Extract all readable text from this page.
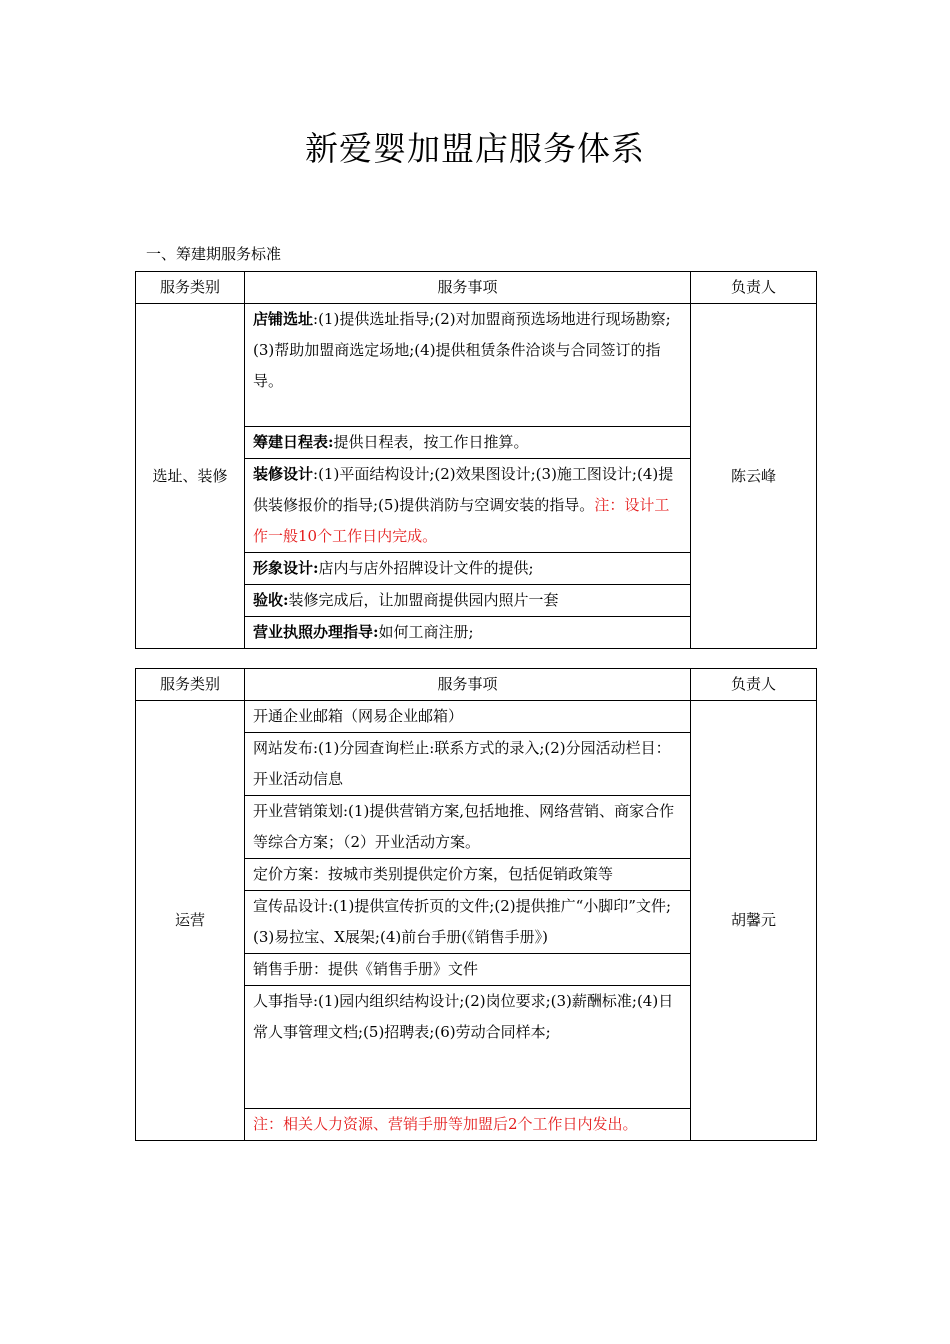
新爱婴加盟店服务体系
一、筹建期服务标准
服务类别	服务事项	负责人
选址、装修	店铺选址:(1)提供选址指导;(2)对加盟商预选场地进行现场勘察;(3)帮助加盟商选定场地;(4)提供租赁条件洽谈与合同签订的指导。	陈云峰
	筹建日程表:提供日程表，按工作日推算。	
	装修设计:(1)平面结构设计;(2)效果图设计;(3)施工图设计;(4)提供装修报价的指导;(5)提供消防与空调安装的指导。注：设计工作一般10个工作日内完成。	
	形象设计:店内与店外招牌设计文件的提供;	
	验收:装修完成后，让加盟商提供园内照片一套	
	营业执照办理指导:如何工商注册;	
服务类别	服务事项	负责人
运营	开通企业邮箱（网易企业邮箱）	胡馨元
	网站发布:(1)分园查询栏止:联系方式的录入;(2)分园活动栏目：开业活动信息	
	开业营销策划:(1)提供营销方案,包括地推、网络营销、商家合作等综合方案；（2）开业活动方案。	
	定价方案：按城市类别提供定价方案，包括促销政策等	
	宣传品设计:(1)提供宣传折页的文件;(2)提供推广“小脚印”文件;(3)易拉宝、X展架;(4)前台手册(《销售手册》)	
	销售手册：提供《销售手册》文件	
	人事指导:(1)园内组织结构设计;(2)岗位要求;(3)薪酬标准;(4)日常人事管理文档;(5)招聘表;(6)劳动合同样本;	
	注：相关人力资源、营销手册等加盟后2个工作日内发出。	
